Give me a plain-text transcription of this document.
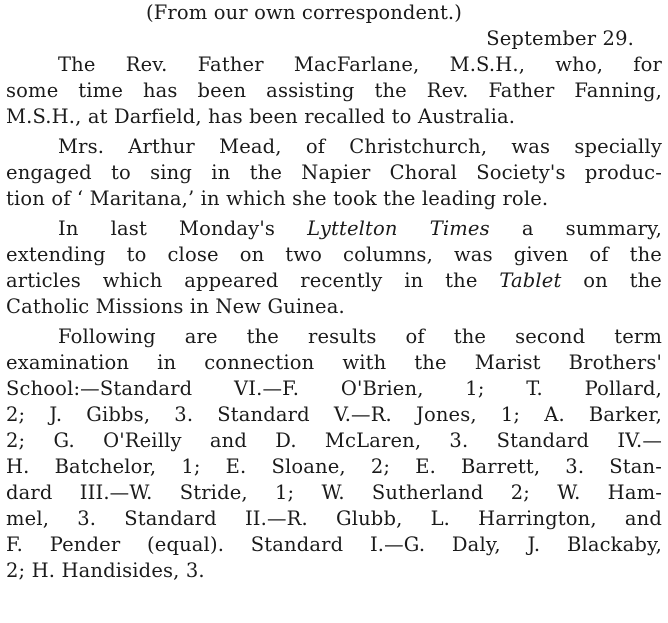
(From our own correspondent.)
September 29.
The Rev. Father MacFarlane, M.S.H., who, for
some time has been assisting the Rev. Father Fanning,
M.S.H., at Darfield, has been recalled to Australia.
Mrs. Arthur Mead, of Christchurch, was specially
engaged to sing in the Napier Choral Society's produc-
tion of ‘ Maritana,’ in which she took the leading role.
In last Monday's Lyttelton Times a summary,
extending to close on two columns, was given of the
articles which appeared recently in the Tablet on the
Catholic Missions in New Guinea.
Following are the results of the second term
examination in connection with the Marist Brothers'
School:—Standard VI.—F. O'Brien, 1; T. Pollard,
2; J. Gibbs, 3. Standard V.—R. Jones, 1; A. Barker,
2; G. O'Reilly and D. McLaren, 3. Standard IV.—
H. Batchelor, 1; E. Sloane, 2; E. Barrett, 3. Stan-
dard III.—W. Stride, 1; W. Sutherland 2; W. Ham-
mel, 3. Standard II.—R. Glubb, L. Harrington, and
F. Pender (equal). Standard I.—G. Daly, J. Blackaby,
2; H. Handisides, 3.
